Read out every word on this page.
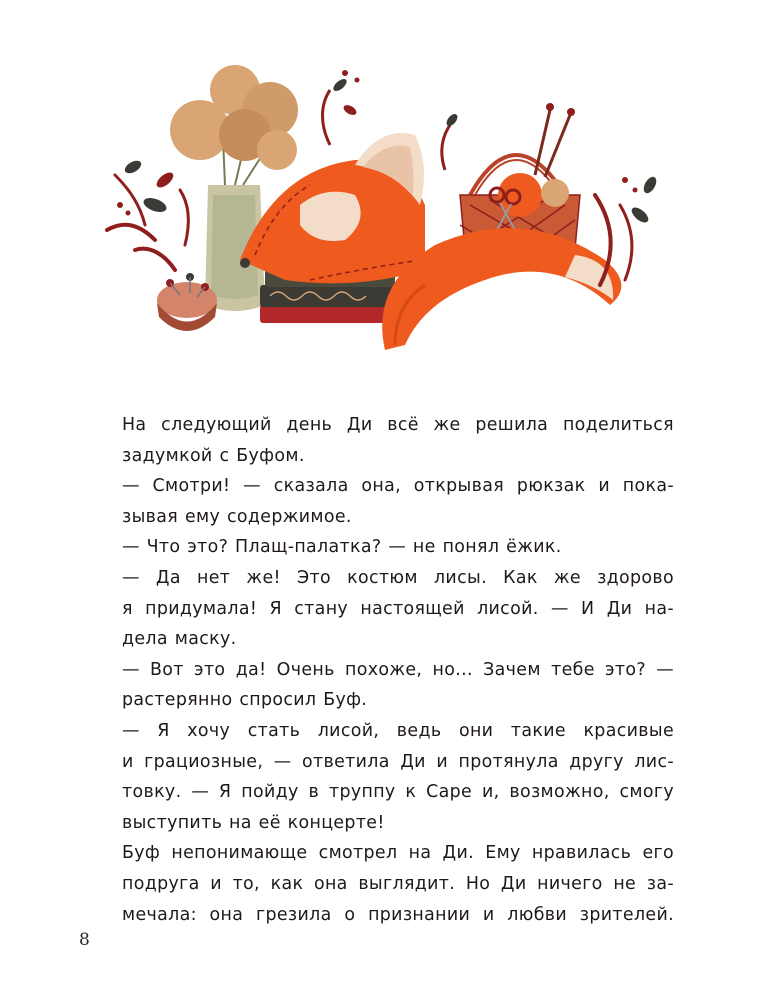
На следующий день Ди всё же решила поделиться
задумкой с Буфом.

— Смотри! — сказала она, открывая рюкзак и пока-
зывая ему содержимое.

— Что это? Плащ-палатка? — не понял ёжик.

— Да нет же! Это костюм лисы. Как же здорово
я придумала! Я стану настоящей лисой. — И Ди на-
дела маску.

— Вот это да! Очень похоже, но... Зачем тебе это? —
растерянно спросил Буф.

— Я хочу стать лисой, ведь они такие красивые
и грациозные, — ответила Ди и протянула другу лис-
товку. — Я пойду в труппу к Саре и, возможно, смогу
выступить на её концерте!

Буф непонимающе смотрел на Ди. Ему нравилась его
подруга и то, как она выглядит. Но Ди ничего не за-
мечала: она грезила о признании и любви зрителей.

8
